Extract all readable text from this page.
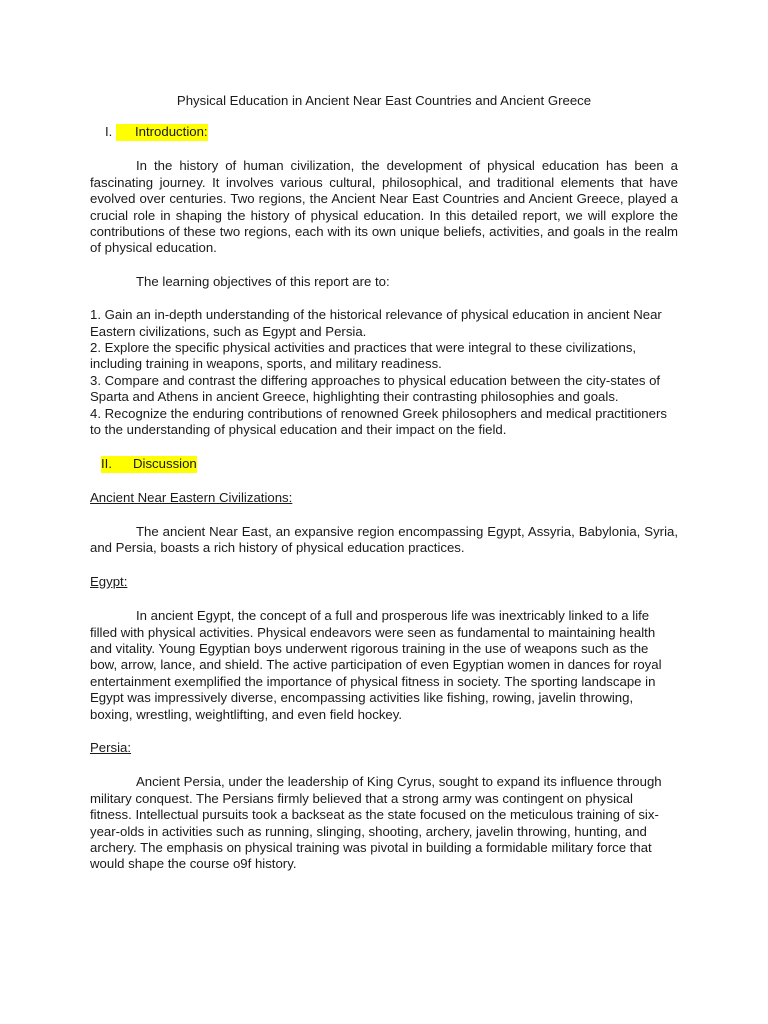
Physical Education in Ancient Near East Countries and Ancient Greece
I.	Introduction:

In the history of human civilization, the development of physical education has been a fascinating journey. It involves various cultural, philosophical, and traditional elements that have evolved over centuries. Two regions, the Ancient Near East Countries and Ancient Greece, played a crucial role in shaping the history of physical education. In this detailed report, we will explore the contributions of these two regions, each with its own unique beliefs, activities, and goals in the realm of physical education.

The learning objectives of this report are to:

1. Gain an in-depth understanding of the historical relevance of physical education in ancient Near Eastern civilizations, such as Egypt and Persia.

2. Explore the specific physical activities and practices that were integral to these civilizations, including training in weapons, sports, and military readiness.

3. Compare and contrast the differing approaches to physical education between the city-states of Sparta and Athens in ancient Greece, highlighting their contrasting philosophies and goals.

4. Recognize the enduring contributions of renowned Greek philosophers and medical practitioners to the understanding of physical education and their impact on the field.

II. Discussion

Ancient Near Eastern Civilizations:

The ancient Near East, an expansive region encompassing Egypt, Assyria, Babylonia, Syria, and Persia, boasts a rich history of physical education practices.

Egypt:

In ancient Egypt, the concept of a full and prosperous life was inextricably linked to a life filled with physical activities. Physical endeavors were seen as fundamental to maintaining health and vitality. Young Egyptian boys underwent rigorous training in the use of weapons such as the bow, arrow, lance, and shield. The active participation of even Egyptian women in dances for royal entertainment exemplified the importance of physical fitness in society. The sporting landscape in Egypt was impressively diverse, encompassing activities like fishing, rowing, javelin throwing, boxing, wrestling, weightlifting, and even field hockey.

Persia:

Ancient Persia, under the leadership of King Cyrus, sought to expand its influence through military conquest. The Persians firmly believed that a strong army was contingent on physical fitness. Intellectual pursuits took a backseat as the state focused on the meticulous training of six-year-olds in activities such as running, slinging, shooting, archery, javelin throwing, hunting, and archery. The emphasis on physical training was pivotal in building a formidable military force that would shape the course o9f history.
